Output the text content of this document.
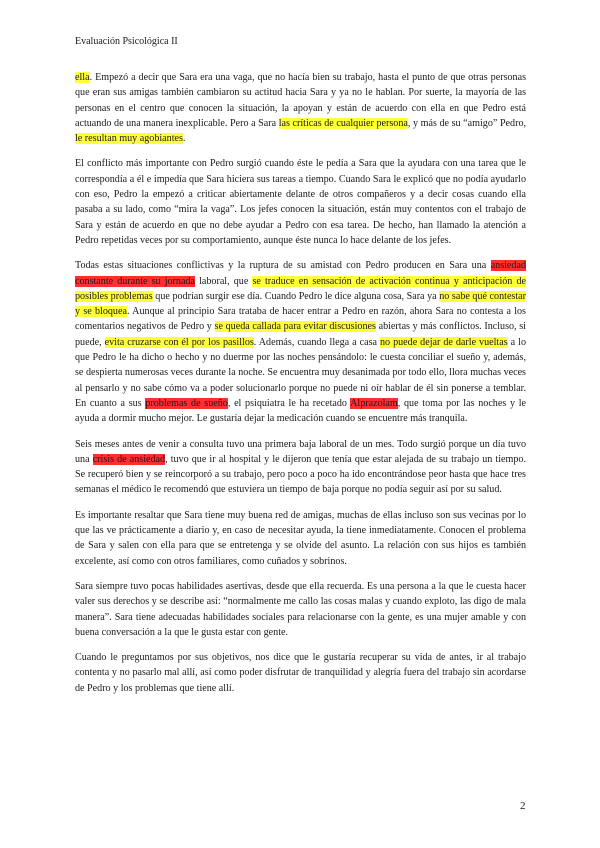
Evaluación Psicológica II

ella. Empezó a decir que Sara era una vaga, que no hacía bien su trabajo, hasta el punto de que otras personas que eran sus amigas también cambiaron su actitud hacia Sara y ya no le hablan. Por suerte, la mayoría de las personas en el centro que conocen la situación, la apoyan y están de acuerdo con ella en que Pedro está actuando de una manera inexplicable. Pero a Sara las críticas de cualquier persona, y más de su “amigo” Pedro, le resultan muy agobiantes.

El conflicto más importante con Pedro surgió cuando éste le pedía a Sara que la ayudara con una tarea que le correspondía a él e impedía que Sara hiciera sus tareas a tiempo. Cuando Sara le explicó que no podía ayudarlo con eso, Pedro la empezó a criticar abiertamente delante de otros compañeros y a decir cosas cuando ella pasaba a su lado, como “mira la vaga”. Los jefes conocen la situación, están muy contentos con el trabajo de Sara y están de acuerdo en que no debe ayudar a Pedro con esa tarea. De hecho, han llamado la atención a Pedro repetidas veces por su comportamiento, aunque éste nunca lo hace delante de los jefes.

Todas estas situaciones conflictivas y la ruptura de su amistad con Pedro producen en Sara una ansiedad constante durante su jornada laboral, que se traduce en sensación de activación continua y anticipación de posibles problemas que podrían surgir ese día. Cuando Pedro le dice alguna cosa, Sara ya no sabe qué contestar y se bloquea. Aunque al principio Sara trataba de hacer entrar a Pedro en razón, ahora Sara no contesta a los comentarios negativos de Pedro y se queda callada para evitar discusiones abiertas y más conflictos. Incluso, si puede, evita cruzarse con él por los pasillos. Además, cuando llega a casa no puede dejar de darle vueltas a lo que Pedro le ha dicho o hecho y no duerme por las noches pensándolo: le cuesta conciliar el sueño y, además, se despierta numerosas veces durante la noche. Se encuentra muy desanimada por todo ello, llora muchas veces al pensarlo y no sabe cómo va a poder solucionarlo porque no puede ni oír hablar de él sin ponerse a temblar. En cuanto a sus problemas de sueño, el psiquiatra le ha recetado Alprazolam, que toma por las noches y le ayuda a dormir mucho mejor. Le gustaría dejar la medicación cuando se encuentre más tranquila.

Seis meses antes de venir a consulta tuvo una primera baja laboral de un mes. Todo surgió porque un día tuvo una crisis de ansiedad, tuvo que ir al hospital y le dijeron que tenía que estar alejada de su trabajo un tiempo. Se recuperó bien y se reincorporó a su trabajo, pero poco a poco ha ido encontrándose peor hasta que hace tres semanas el médico le recomendó que estuviera un tiempo de baja porque no podía seguir así por su salud.

Es importante resaltar que Sara tiene muy buena red de amigas, muchas de ellas incluso son sus vecinas por lo que las ve prácticamente a diario y, en caso de necesitar ayuda, la tiene inmediatamente. Conocen el problema de Sara y salen con ella para que se entretenga y se olvide del asunto. La relación con sus hijos es también excelente, así como con otros familiares, como cuñados y sobrinos.

Sara siempre tuvo pocas habilidades asertivas, desde que ella recuerda. Es una persona a la que le cuesta hacer valer sus derechos y se describe así: “normalmente me callo las cosas malas y cuando exploto, las digo de mala manera”. Sara tiene adecuadas habilidades sociales para relacionarse con la gente, es una mujer amable y con buena conversación a la que le gusta estar con gente.

Cuando le preguntamos por sus objetivos, nos dice que le gustaría recuperar su vida de antes, ir al trabajo contenta y no pasarlo mal allí, así como poder disfrutar de tranquilidad y alegría fuera del trabajo sin acordarse de Pedro y los problemas que tiene allí.

2
